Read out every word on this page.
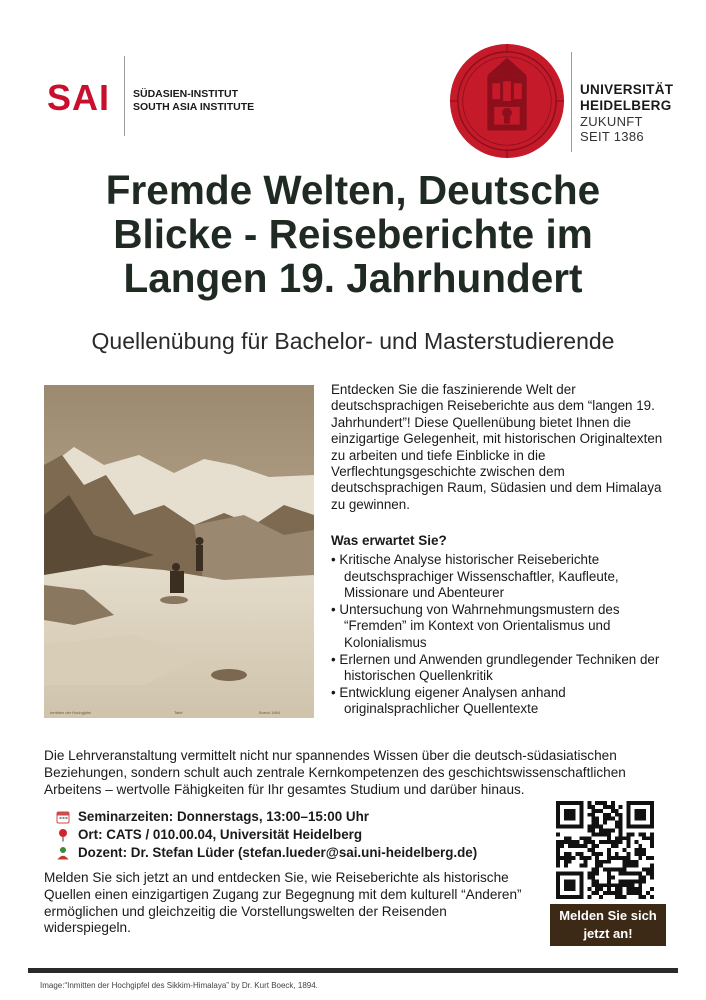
SAI SÜDASIEN-INSTITUT
SOUTH ASIA INSTITUTE
UNIVERSITÄT
HEIDELBERG
ZUKUNFT
SEIT 1386
Fremde Welten, Deutsche
Blicke - Reiseberichte im
Langen 19. Jahrhundert
Quellenübung für Bachelor- und Masterstudierende
Inmitten der Hochgipfel	Tafel	Boeck 1894
Entdecken Sie die faszinierende Welt der deutschsprachigen Reiseberichte aus dem “langen 19. Jahrhundert”! Diese Quellenübung bietet Ihnen die einzigartige Gelegenheit, mit historischen Originaltexten zu arbeiten und tiefe Einblicke in die Verflechtungsgeschichte zwischen dem deutschsprachigen Raum, Südasien und dem Himalaya zu gewinnen.
Was erwartet Sie?
• Kritische Analyse historischer Reiseberichte deutschsprachiger Wissenschaftler, Kaufleute, Missionare und Abenteurer
• Untersuchung von Wahrnehmungsmustern des “Fremden” im Kontext von Orientalismus und Kolonialismus
• Erlernen und Anwenden grundlegender Techniken der historischen Quellenkritik
• Entwicklung eigener Analysen anhand originalsprachlicher Quellentexte
Die Lehrveranstaltung vermittelt nicht nur spannendes Wissen über die deutsch-südasiatischen Beziehungen, sondern schult auch zentrale Kernkompetenzen des geschichtswissenschaftlichen Arbeitens – wertvolle Fähigkeiten für Ihr gesamtes Studium und darüber hinaus.
Seminarzeiten: Donnerstags, 13:00–15:00 Uhr
Ort: CATS / 010.00.04, Universität Heidelberg
Dozent: Dr. Stefan Lüder (stefan.lueder@sai.uni-heidelberg.de)
Melden Sie sich jetzt an und entdecken Sie, wie Reiseberichte als historische Quellen einen einzigartigen Zugang zur Begegnung mit dem kulturell “Anderen” ermöglichen und gleichzeitig die Vorstellungswelten der Reisenden widerspiegeln.
Melden Sie sich
jetzt an!
Image:“Inmitten der Hochgipfel des Sikkim-Himalaya” by Dr. Kurt Boeck, 1894.
